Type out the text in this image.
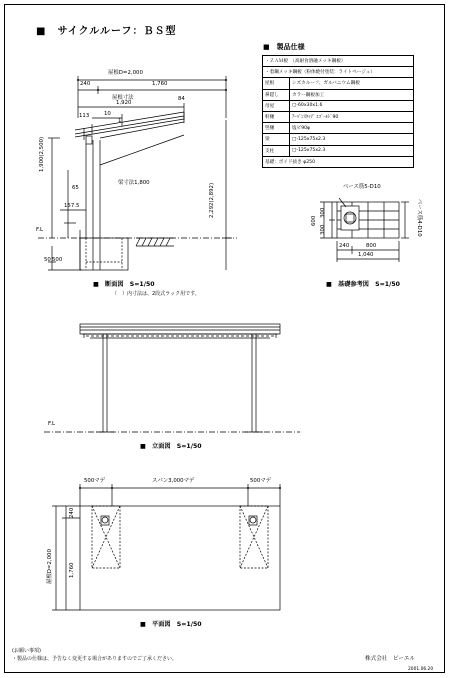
■　サイクルルーフ：ＢＳ型
■　製品仕様
・ＺＡＭ板　（高耐食溶融メッキ鋼板）	
・着鋼メッキ鋼板（粉体焼付塗装：ライトベージュ）	
屋根	シズカルーフ、ガルバニウム鋼板
鼻隠し	カラー鋼板加工
母屋	□-60x30x1.6
軒樋	ｱｰﾊﾞﾝｽﾀｯﾌﾞ ｴｺﾞｰﾙﾄﾞ90
竪樋	塩ビ90φ
梁	□-125x75x2.3
支柱	□-125x75x2.3
基礎：ボイド抜き φ250	
屋根D=2,000
240	1,760
屋根寸法
1,920
113	10
1
84
梁寸法1,800
65
157.5
1,900(2,500)
2,292(2,892)
50 500
F.L
■　断面図　S=1/50
（　）内寸法は、2段式ラック用です。
ベース筋5-D10
ベース筋4-D10
600
300
300
240	800
1,040
■　基礎参考図　S=1/50
F.L
■　立面図　S=1/50
500マデ	スパン3,000マデ	500マデ
240
屋根D=2,000	1,760
■　平面図　S=1/50
(お願い事項)
・製品の仕様は、予告なく変更する場合がありますのでご了承ください。	株式会社　ピーエル
2001.06.20
